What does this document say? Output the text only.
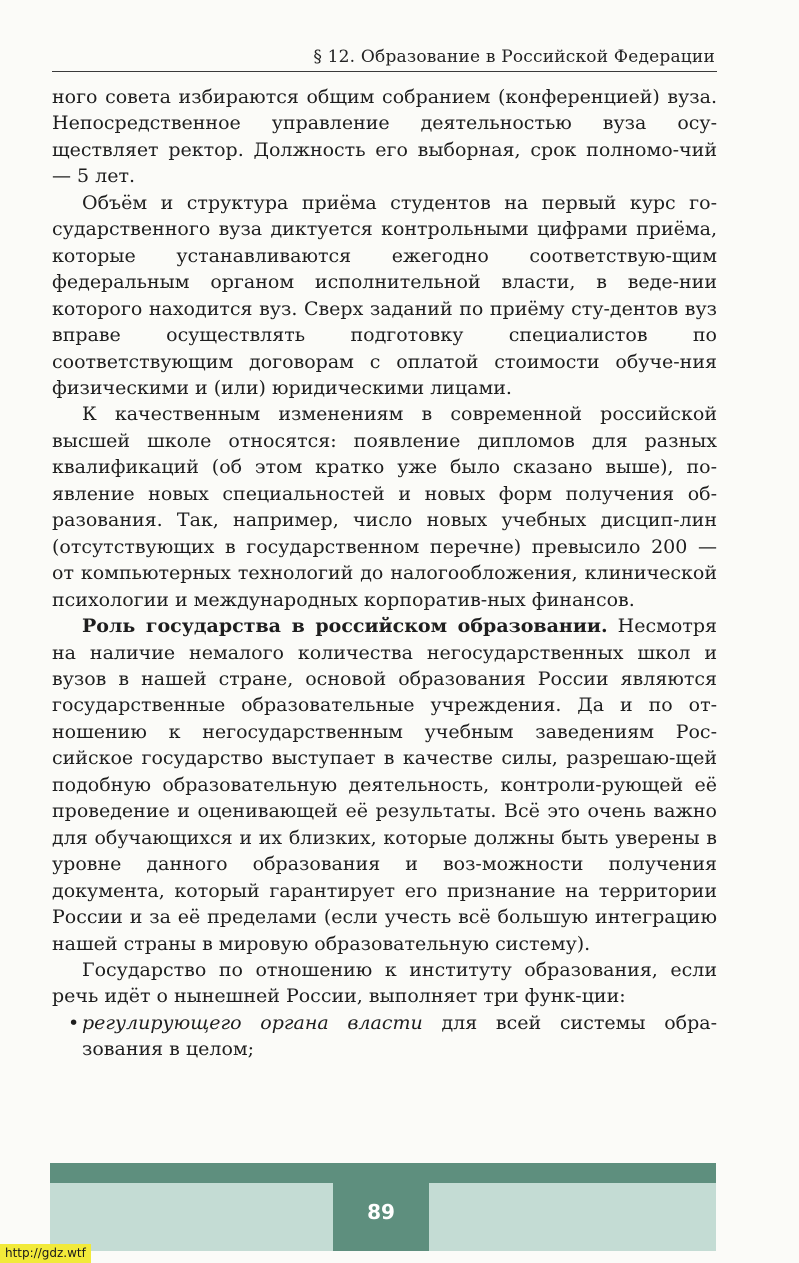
§ 12. Образование в Российской Федерации

ного совета избираются общим собранием (конференцией) вуза. Непосредственное управление деятельностью вуза осу-ществляет ректор. Должность его выборная, срок полномо-чий — 5 лет.

Объём и структура приёма студентов на первый курс го-сударственного вуза диктуется контрольными цифрами приёма, которые устанавливаются ежегодно соответствую-щим федеральным органом исполнительной власти, в веде-нии которого находится вуз. Сверх заданий по приёму сту-дентов вуз вправе осуществлять подготовку специалистов по соответствующим договорам с оплатой стоимости обуче-ния физическими и (или) юридическими лицами.

К качественным изменениям в современной российской высшей школе относятся: появление дипломов для разных квалификаций (об этом кратко уже было сказано выше), по-явление новых специальностей и новых форм получения об-разования. Так, например, число новых учебных дисцип-лин (отсутствующих в государственном перечне) превысило 200 — от компьютерных технологий до налогообложения, клинической психологии и международных корпоратив-ных финансов.

Роль государства в российском образовании. Несмотря на наличие немалого количества негосударственных школ и вузов в нашей стране, основой образования России являются государственные образовательные учреждения. Да и по от-ношению к негосударственным учебным заведениям Рос-сийское государство выступает в качестве силы, разрешаю-щей подобную образовательную деятельность, контроли-рующей её проведение и оценивающей её результаты. Всё это очень важно для обучающихся и их близких, которые должны быть уверены в уровне данного образования и воз-можности получения документа, который гарантирует его признание на территории России и за её пределами (если учесть всё большую интеграцию нашей страны в мировую образовательную систему).

Государство по отношению к институту образования, если речь идёт о нынешней России, выполняет три функ-ции:

• регулирующего органа власти для всей системы обра-зования в целом;

89
http://gdz.wtf
